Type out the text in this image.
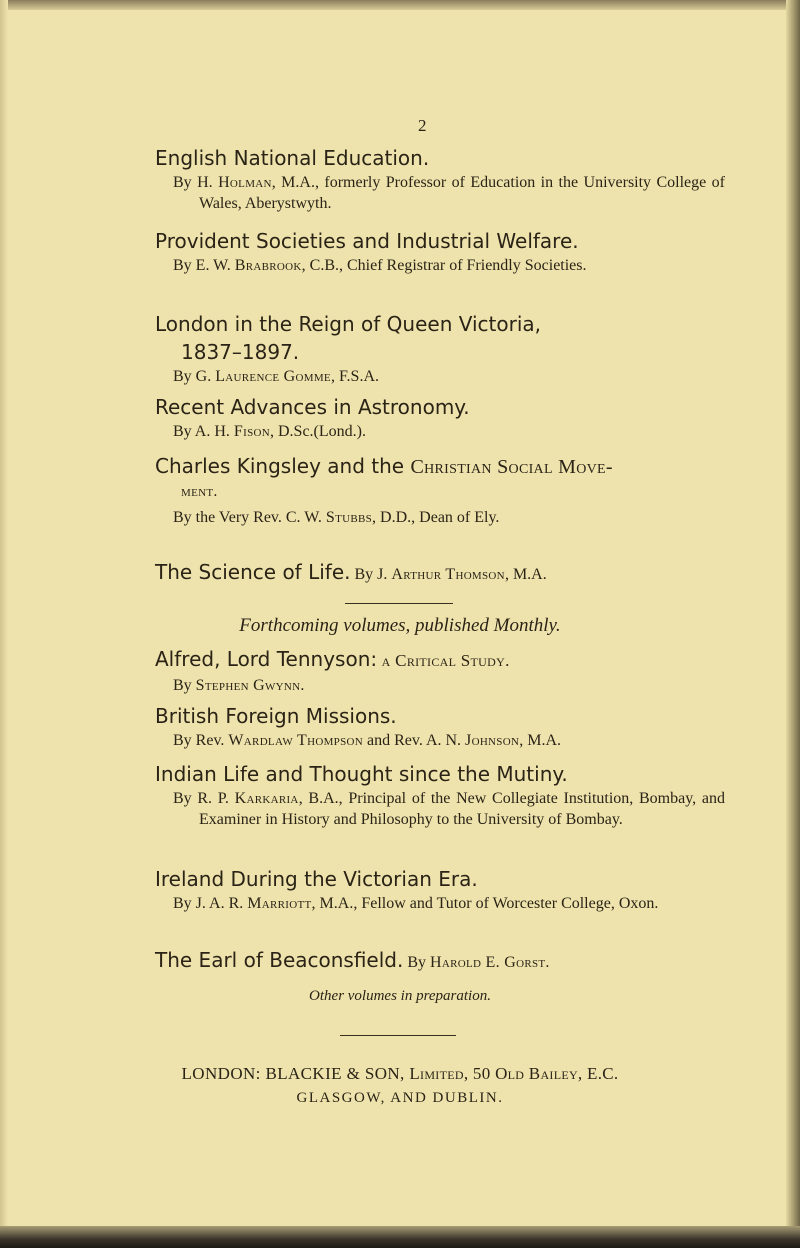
2
English National Education.
By H. Holman, M.A., formerly Professor of Education in the University College of Wales, Aberystwyth.
Provident Societies and Industrial Welfare.
By E. W. Brabrook, C.B., Chief Registrar of Friendly Societies.
London in the Reign of Queen Victoria,
1837–1897.
By G. Laurence Gomme, F.S.A.
Recent Advances in Astronomy.
By A. H. Fison, D.Sc.(Lond.).
Charles Kingsley and the Christian Social Move-
ment.
By the Very Rev. C. W. Stubbs, D.D., Dean of Ely.
The Science of Life. By J. Arthur Thomson, M.A.
Forthcoming volumes, published Monthly.
Alfred, Lord Tennyson: a Critical Study.
By Stephen Gwynn.
British Foreign Missions.
By Rev. Wardlaw Thompson and Rev. A. N. Johnson, M.A.
Indian Life and Thought since the Mutiny.
By R. P. Karkaria, B.A., Principal of the New Collegiate Institution, Bombay, and Examiner in History and Philosophy to the University of Bombay.
Ireland During the Victorian Era.
By J. A. R. Marriott, M.A., Fellow and Tutor of Worcester College, Oxon.
The Earl of Beaconsfield. By Harold E. Gorst.
Other volumes in preparation.
LONDON: BLACKIE & SON, Limited, 50 Old Bailey, E.C.
GLASGOW, AND DUBLIN.
